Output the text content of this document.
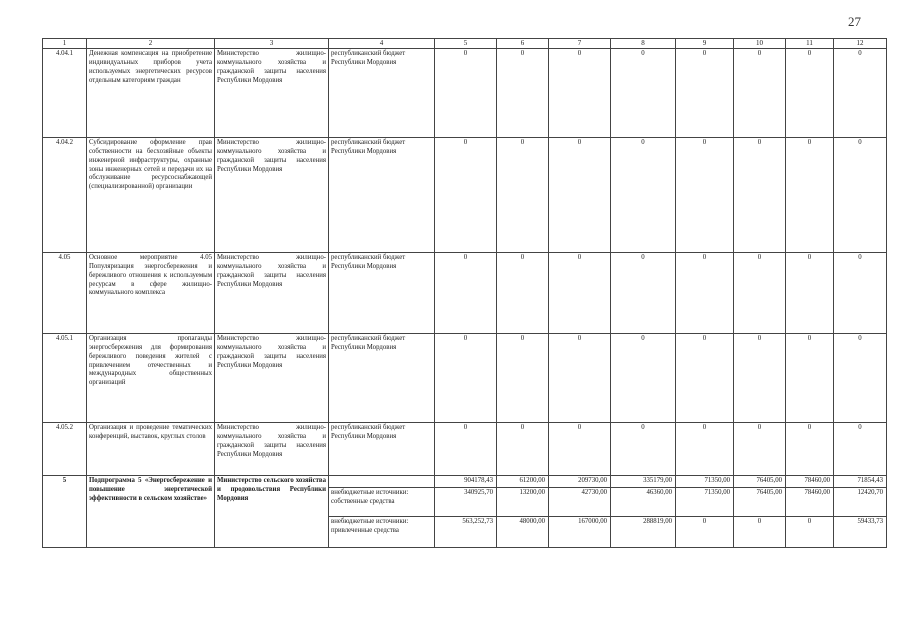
27
1	2	3	4	5	6	7	8	9	10	11	12
4.04.1	Денежная компенсация на приобретение индивидуальных приборов учета используемых энергетических ресурсов отдельным категориям граждан	Министерство жилищно-коммунального хозяйства и гражданской защиты населения Республики Мордовия	республиканский бюджет Республики Мордовия	0	0	0	0	0	0	0	0
4.04.2	Субсидирование оформление прав собственности на бесхозяйные объекты инженерной инфраструктуры, охранные зоны инженерных сетей и передачи их на обслуживание ресурсоснабжающей (специализированной) организации	Министерство жилищно-коммунального хозяйства и гражданской защиты населения Республики Мордовия	республиканский бюджет Республики Мордовия	0	0	0	0	0	0	0	0
4.05	Основное мероприятие 4.05 Популяризация энергосбережения и бережливого отношения к используемым ресурсам в сфере жилищно-коммунального комплекса	Министерство жилищно-коммунального хозяйства и гражданской защиты населения Республики Мордовия	республиканский бюджет Республики Мордовия	0	0	0	0	0	0	0	0
4.05.1	Организация пропаганды энергосбережения для формирования бережливого поведения жителей с привлечением отечественных и международных общественных организаций	Министерство жилищно-коммунального хозяйства и гражданской защиты населения Республики Мордовия	республиканский бюджет Республики Мордовия	0	0	0	0	0	0	0	0
4.05.2	Организация и проведение тематических конференций, выставок, круглых столов	Министерство жилищно-коммунального хозяйства и гражданской защиты населения Республики Мордовия	республиканский бюджет Республики Мордовия	0	0	0	0	0	0	0	0
5	Подпрограмма 5 «Энергосбережение и повышение энергетической эффективности в сельском хозяйстве»	Министерство сельского хозяйства и продовольствия Республики Мордовия		904178,43	61200,00	209730,00	335179,00	71350,00	76405,00	78460,00	71854,43
			внебюджетные источники: собственные средства	340925,70	13200,00	42730,00	46360,00	71350,00	76405,00	78460,00	12420,70
			внебюджетные источники: привлеченные средства	563,252,73	48000,00	167000,00	288819,00	0	0	0	59433,73
